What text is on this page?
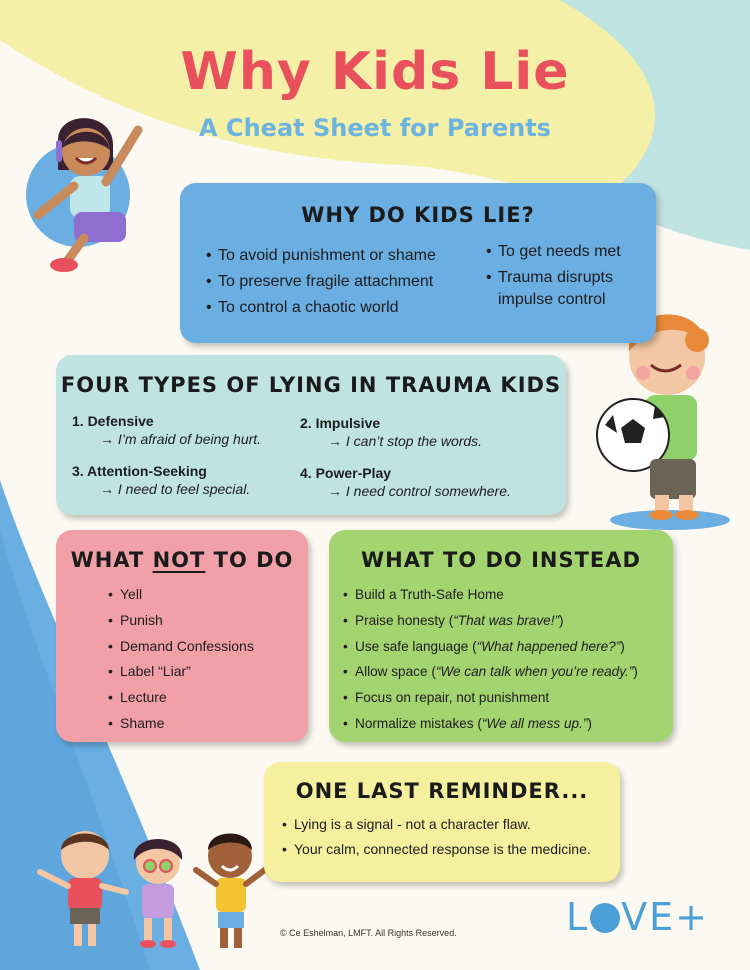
Why Kids Lie
A Cheat Sheet for Parents
WHY DO KIDS LIE?
• To avoid punishment or shame
• To preserve fragile attachment
• To control a chaotic world
• To get needs met
• Trauma disrupts impulse control
FOUR TYPES OF LYING IN TRAUMA KIDS
1. Defensive
→ I’m afraid of being hurt.
2. Impulsive
→ I can’t stop the words.
3. Attention-Seeking
→ I need to feel special.
4. Power-Play
→ I need control somewhere.
WHAT NOT TO DO
• Yell
• Punish
• Demand Confessions
• Label “Liar”
• Lecture
• Shame
WHAT TO DO INSTEAD
• Build a Truth-Safe Home
• Praise honesty (“That was brave!”)
• Use safe language (“What happened here?”)
• Allow space (“We can talk when you’re ready.”)
• Focus on repair, not punishment
• Normalize mistakes (“We all mess up.”)
ONE LAST REMINDER...
• Lying is a signal - not a character flaw.
• Your calm, connected response is the medicine.
© Ce Eshelman, LMFT. All Rights Reserved.	L VE+
